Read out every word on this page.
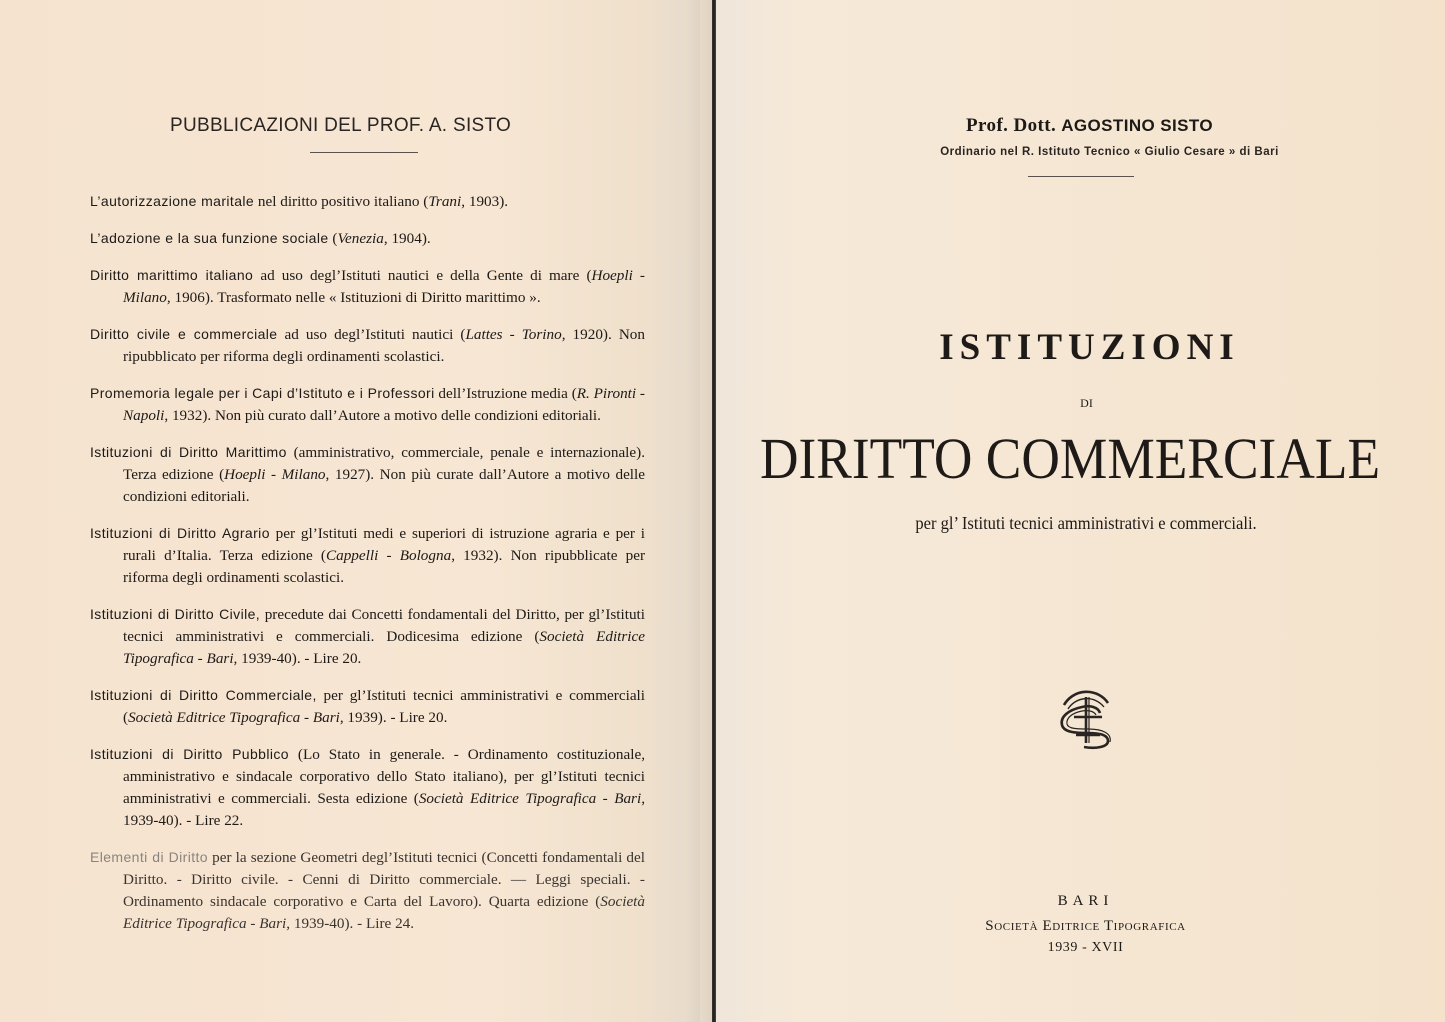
PUBBLICAZIONI DEL PROF. A. SISTO
L’autorizzazione maritale nel diritto positivo italiano (Trani, 1903).
L’adozione e la sua funzione sociale (Venezia, 1904).
Diritto marittimo italiano ad uso degl’Istituti nautici e della Gente di mare (Hoepli - Milano, 1906). Trasformato nelle « Istituzioni di Diritto marittimo ».
Diritto civile e commerciale ad uso degl’Istituti nautici (Lattes - Torino, 1920). Non ripubblicato per riforma degli ordinamenti scolastici.
Promemoria legale per i Capi d’Istituto e i Professori dell’Istruzione media (R. Pironti - Napoli, 1932). Non più curato dall’Autore a motivo delle condizioni editoriali.
Istituzioni di Diritto Marittimo (amministrativo, commerciale, penale e internazionale). Terza edizione (Hoepli - Milano, 1927). Non più curate dall’Autore a motivo delle condizioni editoriali.
Istituzioni di Diritto Agrario per gl’Istituti medi e superiori di istruzione agraria e per i rurali d’Italia. Terza edizione (Cappelli - Bologna, 1932). Non ripubblicate per riforma degli ordinamenti scolastici.
Istituzioni di Diritto Civile, precedute dai Concetti fondamentali del Diritto, per gl’Istituti tecnici amministrativi e commerciali. Dodicesima edizione (Società Editrice Tipografica - Bari, 1939-40). - Lire 20.
Istituzioni di Diritto Commerciale, per gl’Istituti tecnici amministrativi e commerciali (Società Editrice Tipografica - Bari, 1939). - Lire 20.
Istituzioni di Diritto Pubblico (Lo Stato in generale. - Ordinamento costituzionale, amministrativo e sindacale corporativo dello Stato italiano), per gl’Istituti tecnici amministrativi e commerciali. Sesta edizione (Società Editrice Tipografica - Bari, 1939-40). - Lire 22.
Elementi di Diritto per la sezione Geometri degl’Istituti tecnici (Concetti fondamentali del Diritto. - Diritto civile. - Cenni di Diritto commerciale. — Leggi speciali. - Ordinamento sindacale corporativo e Carta del Lavoro). Quarta edizione (Società Editrice Tipografica - Bari, 1939-40). - Lire 24.
Prof. Dott. AGOSTINO SISTO
Ordinario nel R. Istituto Tecnico « Giulio Cesare » di Bari
ISTITUZIONI
DI
DIRITTO COMMERCIALE
per gl’ Istituti tecnici amministrativi e commerciali.
BARI
Società Editrice Tipografica
1939 - XVII
